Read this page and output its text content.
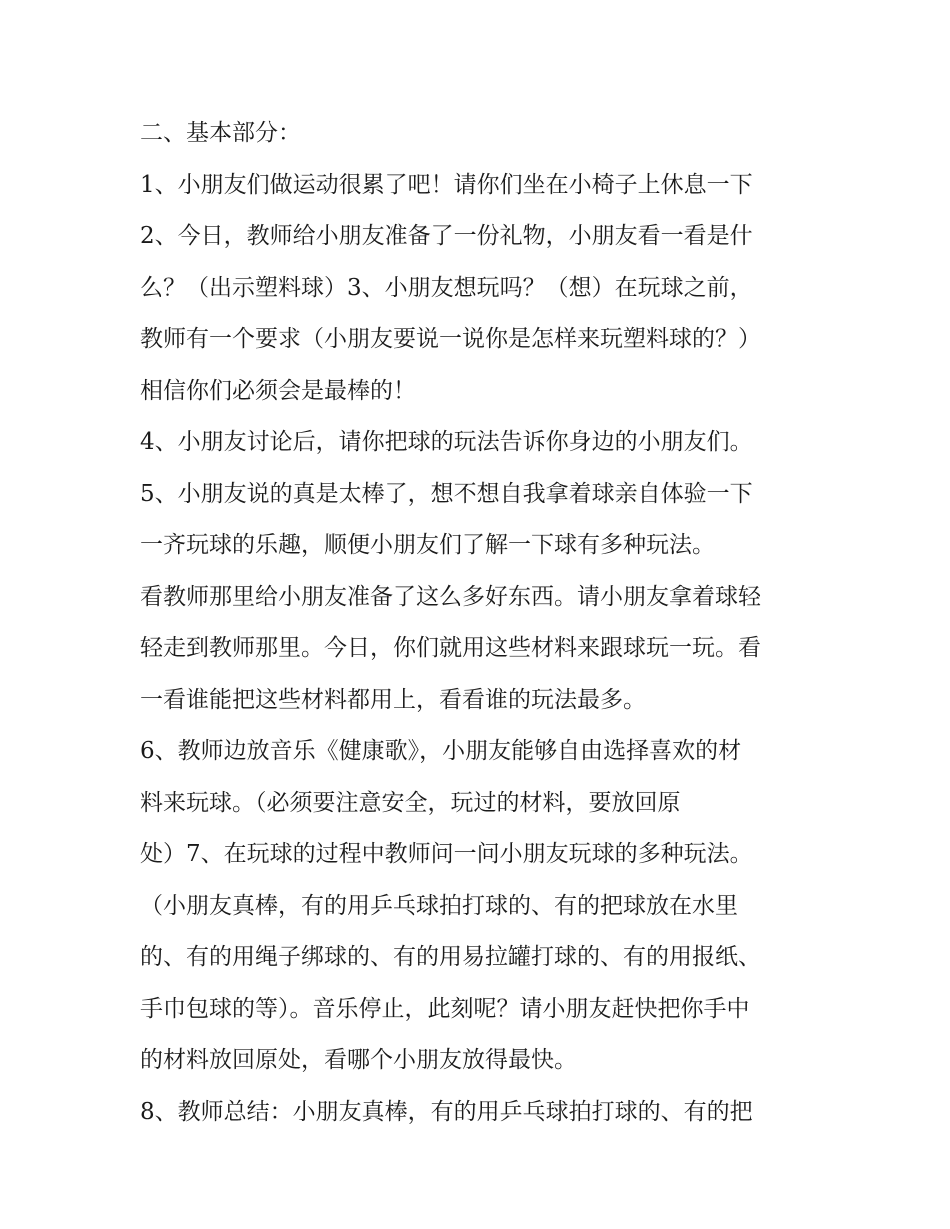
二、基本部分：
1、小朋友们做运动很累了吧！请你们坐在小椅子上休息一下
2、今日，教师给小朋友准备了一份礼物，小朋友看一看是什
么？（出示塑料球）3、小朋友想玩吗？（想）在玩球之前，
教师有一个要求（小朋友要说一说你是怎样来玩塑料球的？）
相信你们必须会是最棒的！
4、小朋友讨论后，请你把球的玩法告诉你身边的小朋友们。
5、小朋友说的真是太棒了，想不想自我拿着球亲自体验一下
一齐玩球的乐趣，顺便小朋友们了解一下球有多种玩法。
看教师那里给小朋友准备了这么多好东西。请小朋友拿着球轻
轻走到教师那里。今日，你们就用这些材料来跟球玩一玩。看
一看谁能把这些材料都用上，看看谁的玩法最多。
6、教师边放音乐《健康歌》，小朋友能够自由选择喜欢的材
料来玩球。（必须要注意安全，玩过的材料，要放回原
处）7、在玩球的过程中教师问一问小朋友玩球的多种玩法。
（小朋友真棒，有的用乒乓球拍打球的、有的把球放在水里
的、有的用绳子绑球的、有的用易拉罐打球的、有的用报纸、
手巾包球的等）。音乐停止，此刻呢？请小朋友赶快把你手中
的材料放回原处，看哪个小朋友放得最快。
8、教师总结：小朋友真棒，有的用乒乓球拍打球的、有的把
